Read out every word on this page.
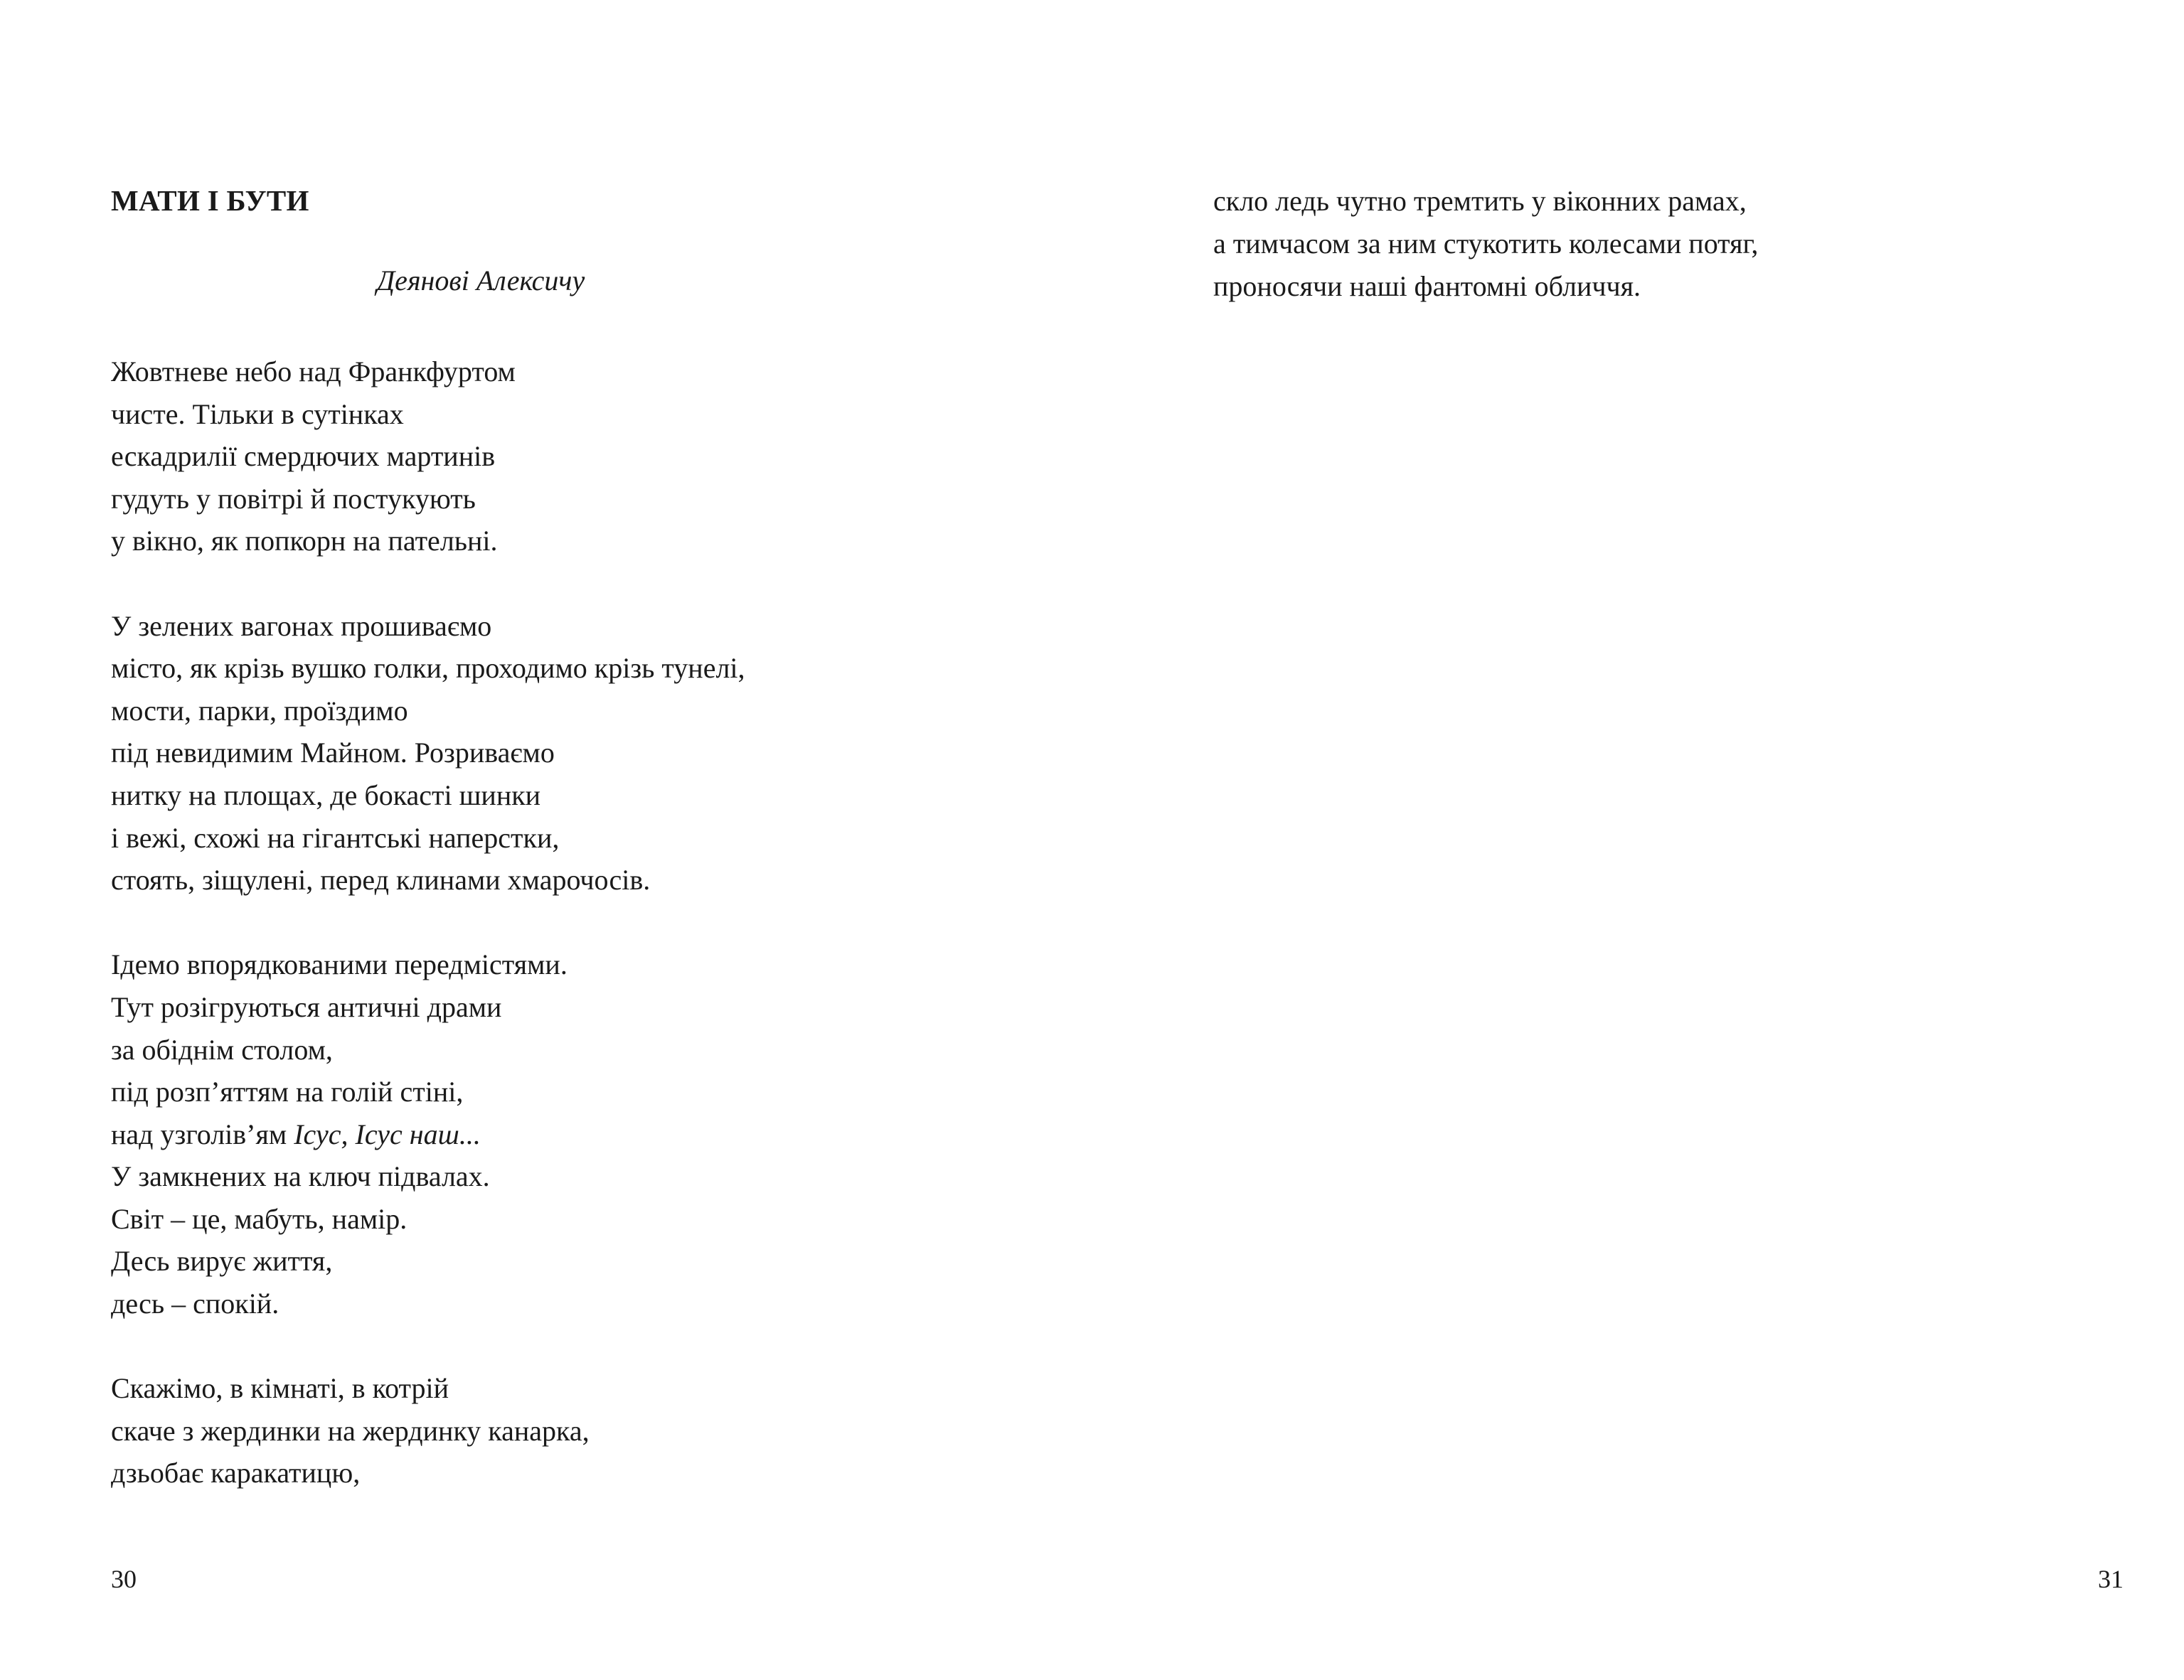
МАТИ І БУТИ

Деянові Алексичу

Жовтневе небо над Франкфуртом
чисте. Тільки в сутінках
ескадрилії смердючих мартинів
гудуть у повітрі й постукують
у вікно, як попкорн на пательні.
У зелених вагонах прошиваємо
місто, як крізь вушко голки, проходимо крізь тунелі,
мости, парки, проїздимо
під невидимим Майном. Розриваємо
нитку на площах, де бокасті шинки
і вежі, схожі на гігантські наперстки,
стоять, зіщулені, перед клинами хмарочосів.
Ідемо впорядкованими передмістями.
Тут розігруються античні драми
за обіднім столом,
під розп’яттям на голій стіні,
над узголів’ям Ісус, Ісус наш...
У замкнених на ключ підвалах.
Світ – це, мабуть, намір.
Десь вирує життя,
десь – спокій.
Скажімо, в кімнаті, в котрій
скаче з жердинки на жердинку канарка,
дзьобає каракатицю,
30
скло ледь чутно тремтить у віконних рамах,
а тимчасом за ним стукотить колесами потяг,
проносячи наші фантомні обличчя.
31
